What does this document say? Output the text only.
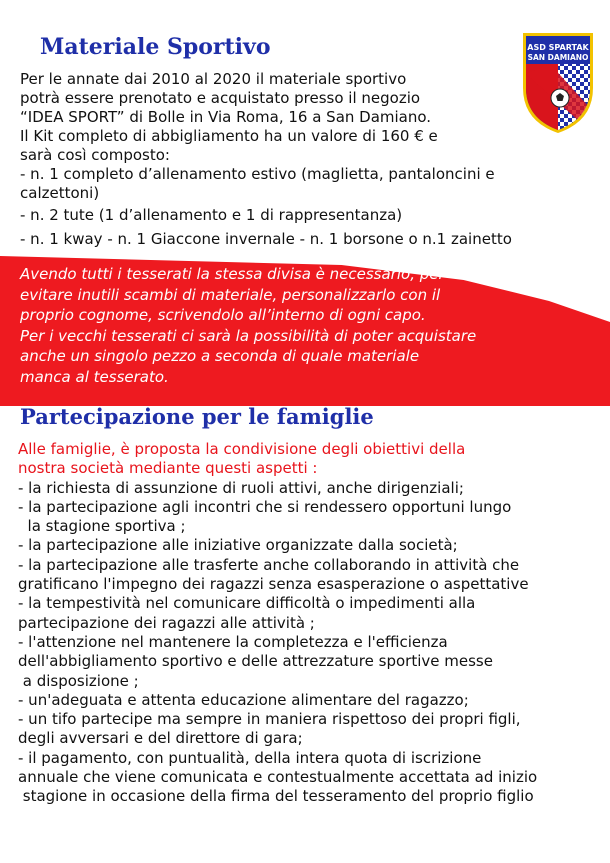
Materiale Sportivo
Per le annate dai 2010 al 2020 il materiale sportivo
potrà essere prenotato e acquistato presso il negozio
“IDEA SPORT” di Bolle in Via Roma, 16 a San Damiano.
Il Kit completo di abbigliamento ha un valore di 160 € e
sarà così composto:
- n. 1 completo d’allenamento estivo (maglietta, pantaloncini e
calzettoni)
- n. 2 tute (1 d’allenamento e 1 di rappresentanza)
- n. 1 kway - n. 1 Giaccone invernale - n. 1 borsone o n.1 zainetto
Avendo tutti i tesserati la stessa divisa è necessario, per
evitare inutili scambi di materiale, personalizzarlo con il
proprio cognome, scrivendolo all’interno di ogni capo.
Per i vecchi tesserati ci sarà la possibilità di poter acquistare
anche un singolo pezzo a seconda di quale materiale
manca al tesserato.
Partecipazione per le famiglie
Alle famiglie, è proposta la condivisione degli obiettivi della
nostra società mediante questi aspetti :
- la richiesta di assunzione di ruoli attivi, anche dirigenziali;
- la partecipazione agli incontri che si rendessero opportuni lungo
la stagione sportiva ;
- la partecipazione alle iniziative organizzate dalla società;
- la partecipazione alle trasferte anche collaborando in attività che
gratificano l'impegno dei ragazzi senza esasperazione o aspettative
- la tempestività nel comunicare difficoltà o impedimenti alla
partecipazione dei ragazzi alle attività ;
- l'attenzione nel mantenere la completezza e l'efficienza
dell'abbigliamento sportivo e delle attrezzature sportive messe
a disposizione ;
- un'adeguata e attenta educazione alimentare del ragazzo;
- un tifo partecipe ma sempre in maniera rispettoso dei propri figli,
degli avversari e del direttore di gara;
- il pagamento, con puntualità, della intera quota di iscrizione
annuale che viene comunicata e contestualmente accettata ad inizio
stagione in occasione della firma del tesseramento del proprio figlio
ASD SPARTAK
SAN DAMIANO
